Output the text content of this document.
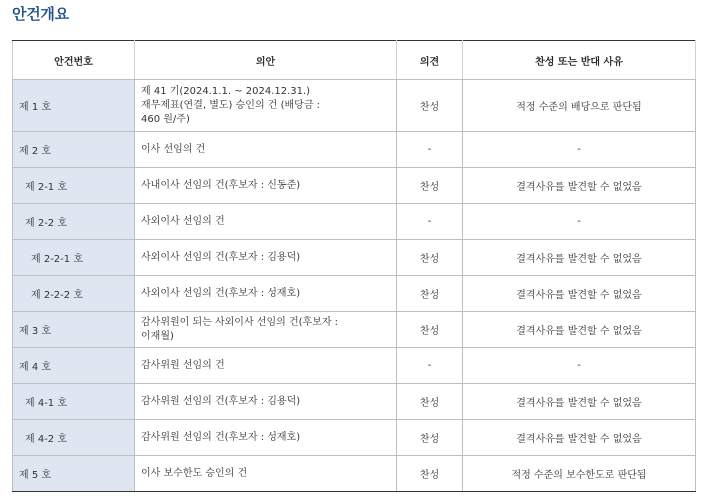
안건개요
안건번호	의안	의견	찬성 또는 반대 사유
제 1 호	제 41 기(2024.1.1. ~ 2024.12.31.)
재무제표(연결, 별도) 승인의 건 (배당금 :
460 원/주)	찬성	적정 수준의 배당으로 판단됨
제 2 호	이사 선임의 건	-	-
제 2-1 호	사내이사 선임의 건(후보자 : 신동준)	찬성	결격사유를 발견할 수 없었음
제 2-2 호	사외이사 선임의 건	-	-
제 2-2-1 호	사외이사 선임의 건(후보자 : 김용덕)	찬성	결격사유를 발견할 수 없었음
제 2-2-2 호	사외이사 선임의 건(후보자 : 성재호)	찬성	결격사유를 발견할 수 없었음
제 3 호	감사위원이 되는 사외이사 선임의 건(후보자 :
이재월)	찬성	결격사유를 발견할 수 없었음
제 4 호	감사위원 선임의 건	-	-
제 4-1 호	감사위원 선임의 건(후보자 : 김용덕)	찬성	결격사유를 발견할 수 없었음
제 4-2 호	감사위원 선임의 건(후보자 : 성재호)	찬성	결격사유를 발견할 수 없었음
제 5 호	이사 보수한도 승인의 건	찬성	적정 수준의 보수한도로 판단됨
